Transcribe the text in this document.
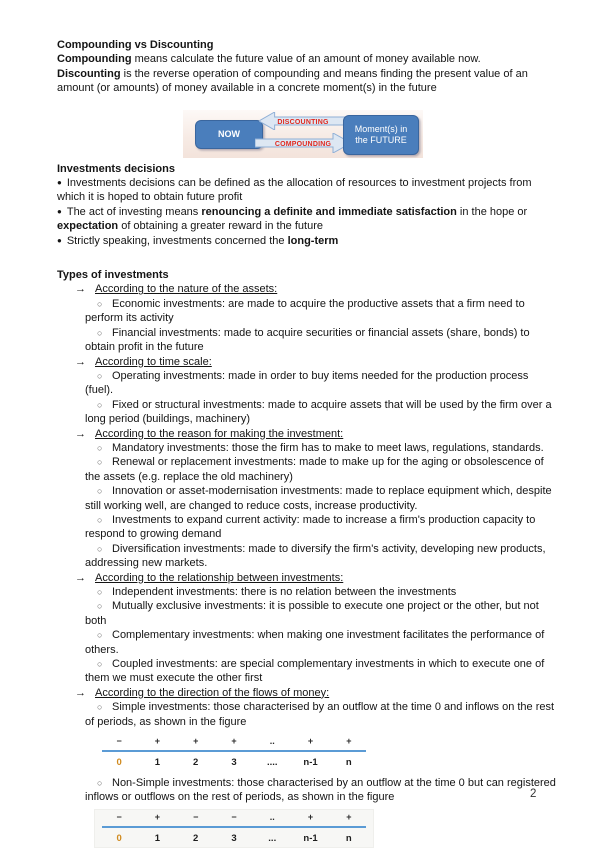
Compounding vs Discounting

Compounding means calculate the future value of an amount of money available now.

Discounting is the reverse operation of compounding and means finding the present value of an amount (or amounts) of money available in a concrete moment(s) in the future

NOW
DISCOUNTING
COMPOUNDING
Moment(s) in
the FUTURE
Investments decisions
● Investments decisions can be defined as the allocation of resources to investment projects from which it is hoped to obtain future profit
● The act of investing means renouncing a definite and immediate satisfaction in the hope or expectation of obtaining a greater reward in the future
● Strictly speaking, investments concerned the long-term
Types of investments
→ According to the nature of the assets:
○ Economic investments: are made to acquire the productive assets that a firm need to perform its activity
○ Financial investments: made to acquire securities or financial assets (share, bonds) to obtain profit in the future
→ According to time scale:
○ Operating investments: made in order to buy items needed for the production process (fuel).
○ Fixed or structural investments: made to acquire assets that will be used by the firm over a long period (buildings, machinery)
→ According to the reason for making the investment:
○ Mandatory investments: those the firm has to make to meet laws, regulations, standards.
○ Renewal or replacement investments: made to make up for the aging or obsolescence of the assets (e.g. replace the old machinery)
○ Innovation or asset-modernisation investments: made to replace equipment which, despite still working well, are changed to reduce costs, increase productivity.
○ Investments to expand current activity: made to increase a firm's production capacity to respond to growing demand
○ Diversification investments: made to diversify the firm's activity, developing new products, addressing new markets.
→ According to the relationship between investments:
○ Independent investments: there is no relation between the investments
○ Mutually exclusive investments: it is possible to execute one project or the other, but not both
○ Complementary investments: when making one investment facilitates the performance of others.
○ Coupled investments: are special complementary investments in which to execute one of them we must execute the other first
→ According to the direction of the flows of money:
○ Simple investments: those characterised by an outflow at the time 0 and inflows on the rest of periods, as shown in the figure
−	+	+	+	..	+	+
0	1	2	3	....	n-1	n
○ Non-Simple investments: those characterised by an outflow at the time 0 but can registered inflows or outflows on the rest of periods, as shown in the figure
−	+	−	−	..	+	+
0	1	2	3	...	n-1	n
2
